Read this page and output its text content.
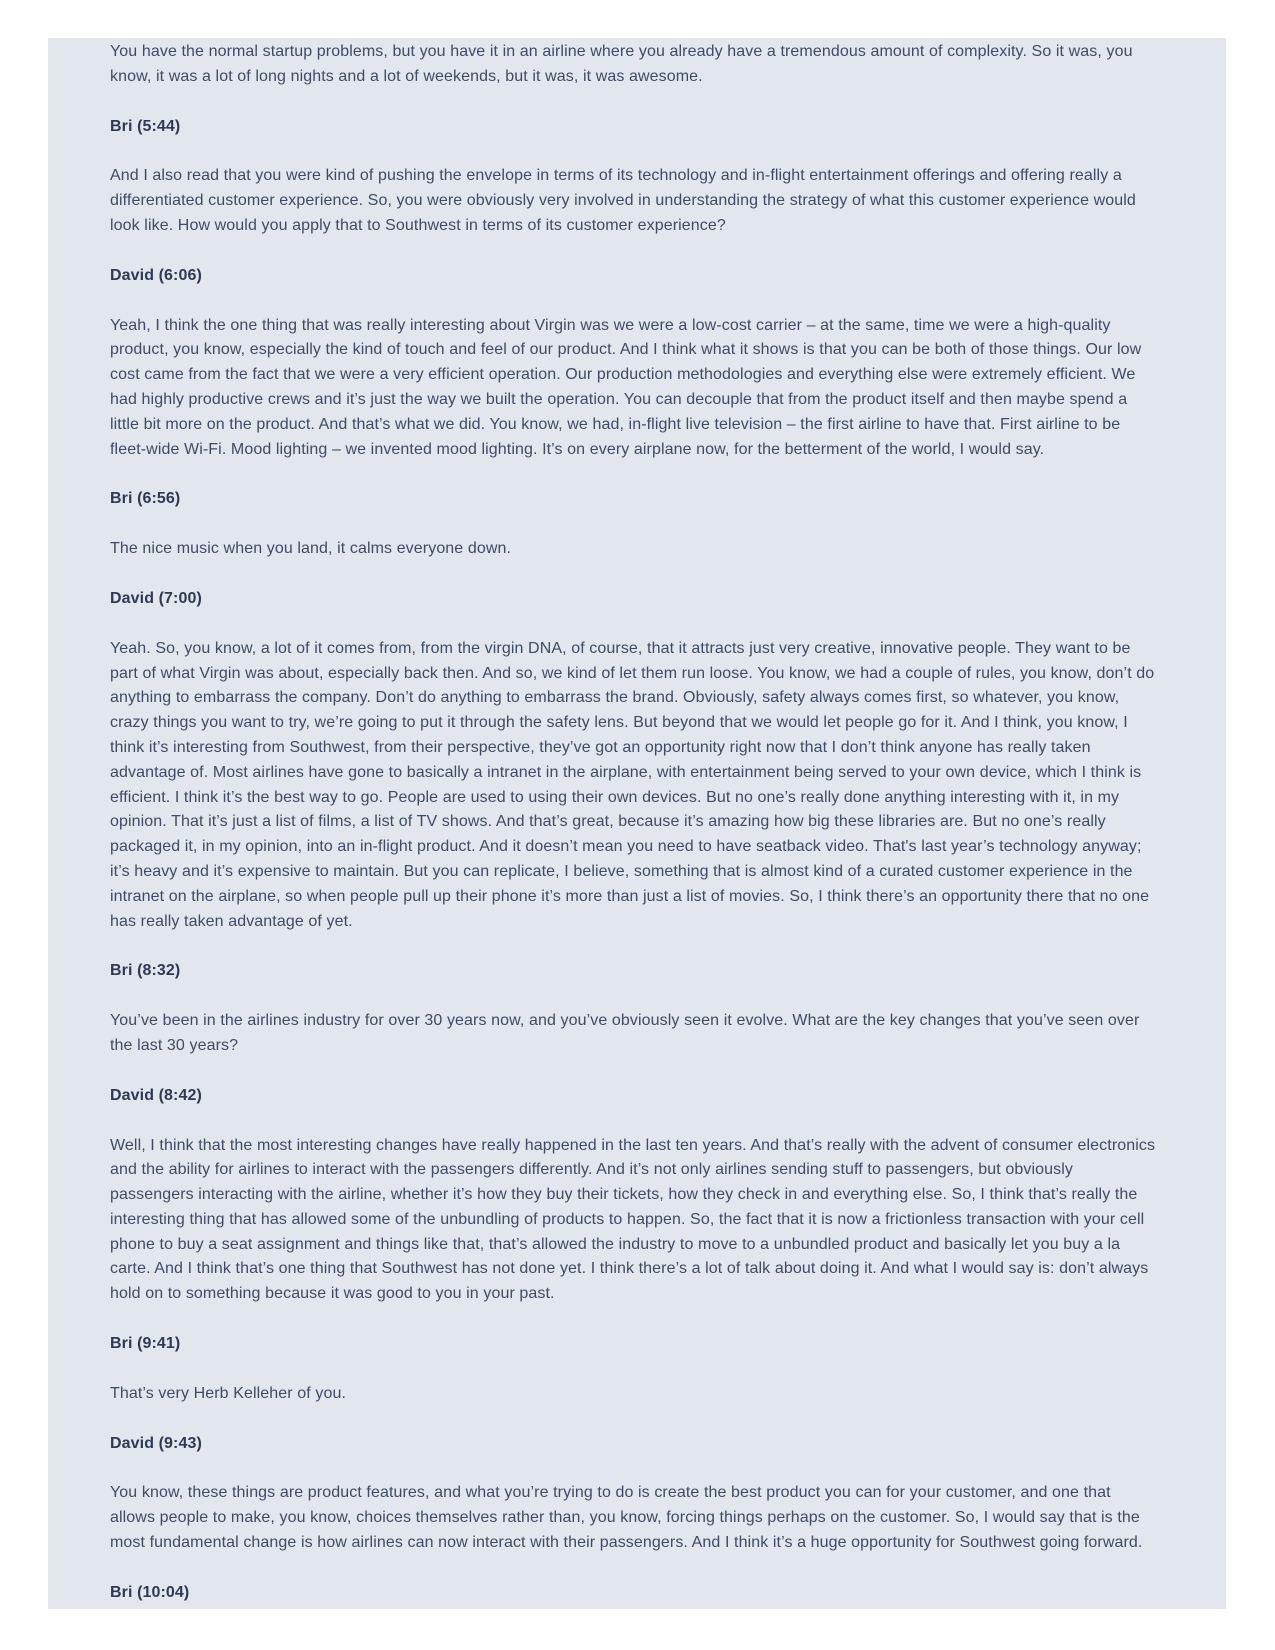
You have the normal startup problems, but you have it in an airline where you already have a tremendous amount of complexity. So it was, you know, it was a lot of long nights and a lot of weekends, but it was, it was awesome.

Bri (5:44)

And I also read that you were kind of pushing the envelope in terms of its technology and in-flight entertainment offerings and offering really a differentiated customer experience. So, you were obviously very involved in understanding the strategy of what this customer experience would look like. How would you apply that to Southwest in terms of its customer experience?

David (6:06)

Yeah, I think the one thing that was really interesting about Virgin was we were a low-cost carrier – at the same, time we were a high-quality product, you know, especially the kind of touch and feel of our product. And I think what it shows is that you can be both of those things. Our low cost came from the fact that we were a very efficient operation. Our production methodologies and everything else were extremely efficient. We had highly productive crews and it’s just the way we built the operation. You can decouple that from the product itself and then maybe spend a little bit more on the product. And that’s what we did. You know, we had, in-flight live television – the first airline to have that. First airline to be fleet-wide Wi-Fi. Mood lighting – we invented mood lighting. It’s on every airplane now, for the betterment of the world, I would say.

Bri (6:56)

The nice music when you land, it calms everyone down.

David (7:00)

Yeah. So, you know, a lot of it comes from, from the virgin DNA, of course, that it attracts just very creative, innovative people. They want to be part of what Virgin was about, especially back then. And so, we kind of let them run loose. You know, we had a couple of rules, you know, don’t do anything to embarrass the company. Don’t do anything to embarrass the brand. Obviously, safety always comes first, so whatever, you know, crazy things you want to try, we’re going to put it through the safety lens. But beyond that we would let people go for it. And I think, you know, I think it’s interesting from Southwest, from their perspective, they’ve got an opportunity right now that I don’t think anyone has really taken advantage of. Most airlines have gone to basically a intranet in the airplane, with entertainment being served to your own device, which I think is efficient. I think it’s the best way to go. People are used to using their own devices. But no one’s really done anything interesting with it, in my opinion. That it’s just a list of films, a list of TV shows. And that’s great, because it’s amazing how big these libraries are. But no one’s really packaged it, in my opinion, into an in-flight product. And it doesn’t mean you need to have seatback video. That's last year’s technology anyway; it’s heavy and it’s expensive to maintain. But you can replicate, I believe, something that is almost kind of a curated customer experience in the intranet on the airplane, so when people pull up their phone it’s more than just a list of movies. So, I think there’s an opportunity there that no one has really taken advantage of yet.

Bri (8:32)

You’ve been in the airlines industry for over 30 years now, and you’ve obviously seen it evolve. What are the key changes that you’ve seen over the last 30 years?

David (8:42)

Well, I think that the most interesting changes have really happened in the last ten years. And that’s really with the advent of consumer electronics and the ability for airlines to interact with the passengers differently. And it’s not only airlines sending stuff to passengers, but obviously passengers interacting with the airline, whether it’s how they buy their tickets, how they check in and everything else. So, I think that’s really the interesting thing that has allowed some of the unbundling of products to happen. So, the fact that it is now a frictionless transaction with your cell phone to buy a seat assignment and things like that, that’s allowed the industry to move to a unbundled product and basically let you buy a la carte. And I think that’s one thing that Southwest has not done yet. I think there’s a lot of talk about doing it. And what I would say is: don’t always hold on to something because it was good to you in your past.

Bri (9:41)

That’s very Herb Kelleher of you.

David (9:43)

You know, these things are product features, and what you’re trying to do is create the best product you can for your customer, and one that allows people to make, you know, choices themselves rather than, you know, forcing things perhaps on the customer. So, I would say that is the most fundamental change is how airlines can now interact with their passengers. And I think it’s a huge opportunity for Southwest going forward.

Bri (10:04)
